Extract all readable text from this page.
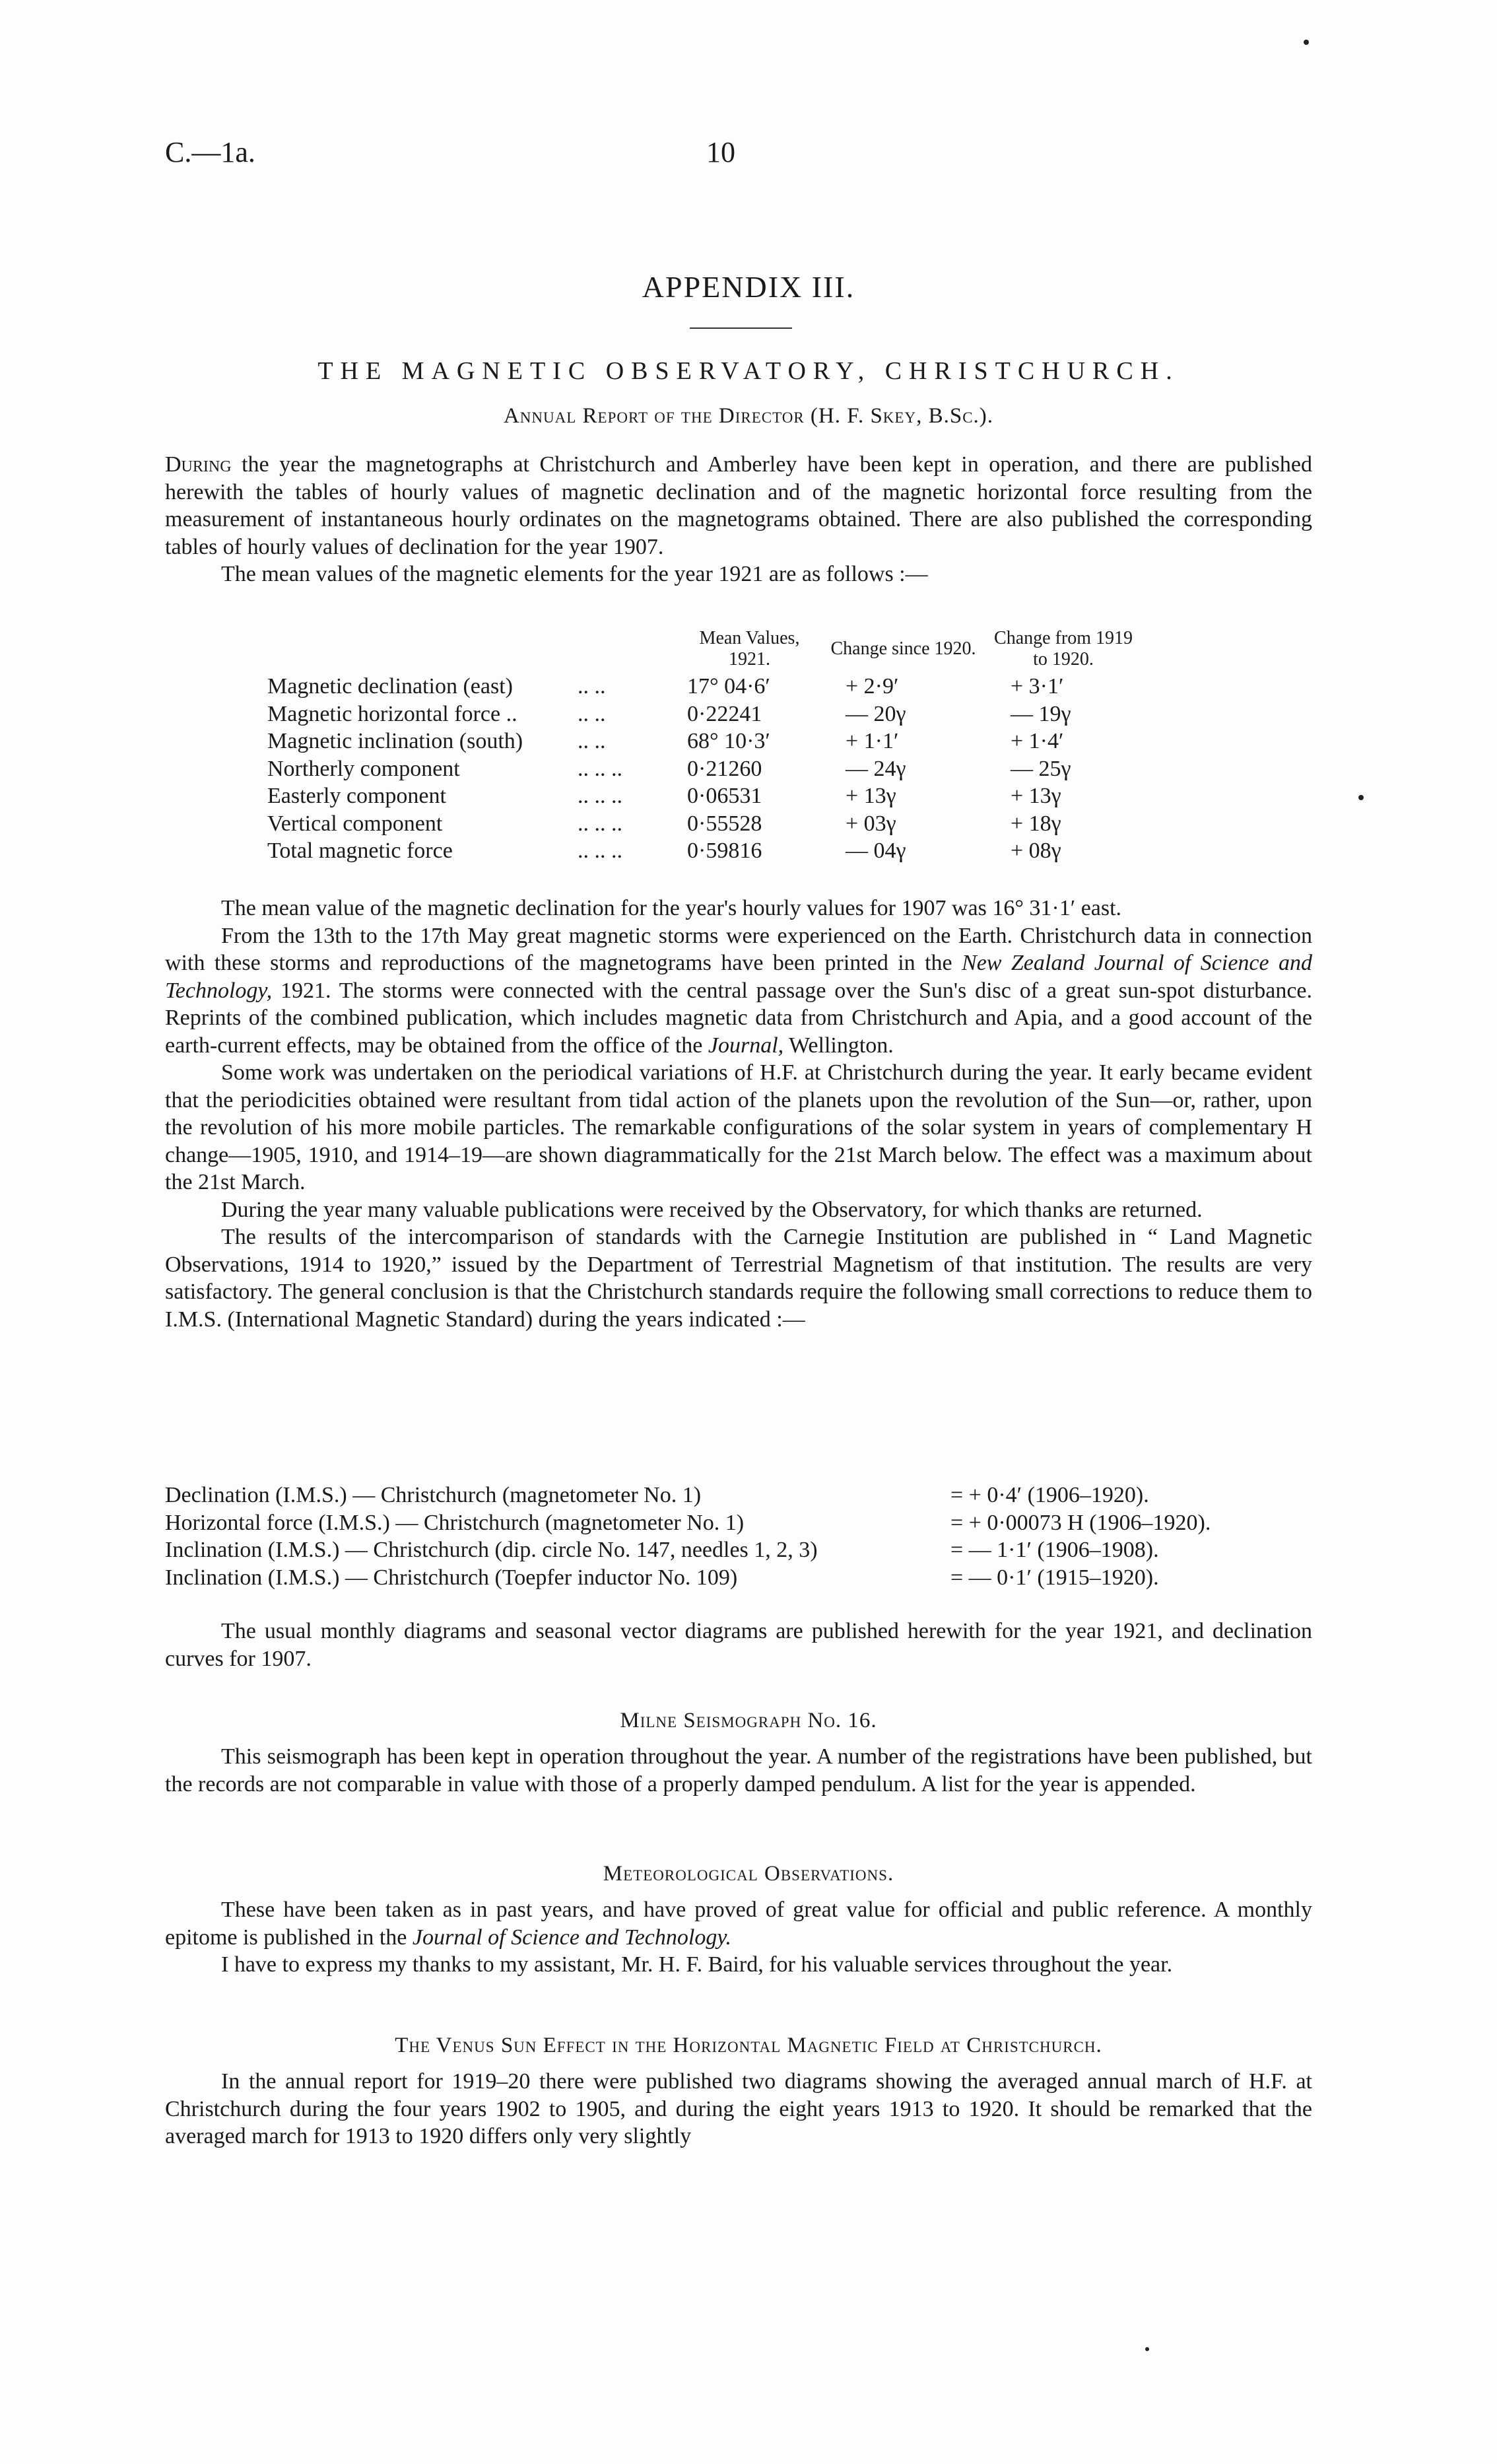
C.—1a.	10
APPENDIX III.
THE MAGNETIC OBSERVATORY, CHRISTCHURCH.
Annual Report of the Director (H. F. Skey, B.Sc.).

During the year the magnetographs at Christchurch and Amberley have been kept in operation, and there are published herewith the tables of hourly values of magnetic declination and of the magnetic horizontal force resulting from the measurement of instantaneous hourly ordinates on the magnetograms obtained. There are also published the corresponding tables of hourly values of declination for the year 1907.

The mean values of the magnetic elements for the year 1921 are as follows :—

		Mean Values, 1921.	Change since 1920.	Change from 1919 to 1920.
Magnetic declination (east)	.. ..	17° 04·6′	+ 2·9′	+ 3·1′
Magnetic horizontal force ..	.. ..	0·22241	— 20γ	— 19γ
Magnetic inclination (south)	.. ..	68° 10·3′	+ 1·1′	+ 1·4′
Northerly component	.. .. ..	0·21260	— 24γ	— 25γ
Easterly component	.. .. ..	0·06531	+ 13γ	+ 13γ
Vertical component	.. .. ..	0·55528	+ 03γ	+ 18γ
Total magnetic force	.. .. ..	0·59816	— 04γ	+ 08γ

The mean value of the magnetic declination for the year's hourly values for 1907 was 16° 31·1′ east.

From the 13th to the 17th May great magnetic storms were experienced on the Earth. Christchurch data in connection with these storms and reproductions of the magnetograms have been printed in the New Zealand Journal of Science and Technology, 1921. The storms were connected with the central passage over the Sun's disc of a great sun-spot disturbance. Reprints of the combined publication, which includes magnetic data from Christchurch and Apia, and a good account of the earth-current effects, may be obtained from the office of the Journal, Wellington.

Some work was undertaken on the periodical variations of H.F. at Christchurch during the year. It early became evident that the periodicities obtained were resultant from tidal action of the planets upon the revolution of the Sun—or, rather, upon the revolution of his more mobile particles. The remarkable configurations of the solar system in years of complementary H change—1905, 1910, and 1914–19—are shown diagrammatically for the 21st March below. The effect was a maximum about the 21st March.

During the year many valuable publications were received by the Observatory, for which thanks are returned.

The results of the intercomparison of standards with the Carnegie Institution are published in “ Land Magnetic Observations, 1914 to 1920,” issued by the Department of Terrestrial Magnetism of that institution. The results are very satisfactory. The general conclusion is that the Christchurch standards require the following small corrections to reduce them to I.M.S. (International Magnetic Standard) during the years indicated :—

Declination (I.M.S.) — Christchurch (magnetometer No. 1)	= + 0·4′ (1906–1920).
Horizontal force (I.M.S.) — Christchurch (magnetometer No. 1)	= + 0·00073 H (1906–1920).
Inclination (I.M.S.) — Christchurch (dip. circle No. 147, needles 1, 2, 3)	= — 1·1′ (1906–1908).
Inclination (I.M.S.) — Christchurch (Toepfer inductor No. 109)	= — 0·1′ (1915–1920).

The usual monthly diagrams and seasonal vector diagrams are published herewith for the year 1921, and declination curves for 1907.

Milne Seismograph No. 16.

This seismograph has been kept in operation throughout the year. A number of the registrations have been published, but the records are not comparable in value with those of a properly damped pendulum. A list for the year is appended.

Meteorological Observations.

These have been taken as in past years, and have proved of great value for official and public reference. A monthly epitome is published in the Journal of Science and Technology.

I have to express my thanks to my assistant, Mr. H. F. Baird, for his valuable services throughout the year.

The Venus Sun Effect in the Horizontal Magnetic Field at Christchurch.

In the annual report for 1919–20 there were published two diagrams showing the averaged annual march of H.F. at Christchurch during the four years 1902 to 1905, and during the eight years 1913 to 1920. It should be remarked that the averaged march for 1913 to 1920 differs only very slightly
